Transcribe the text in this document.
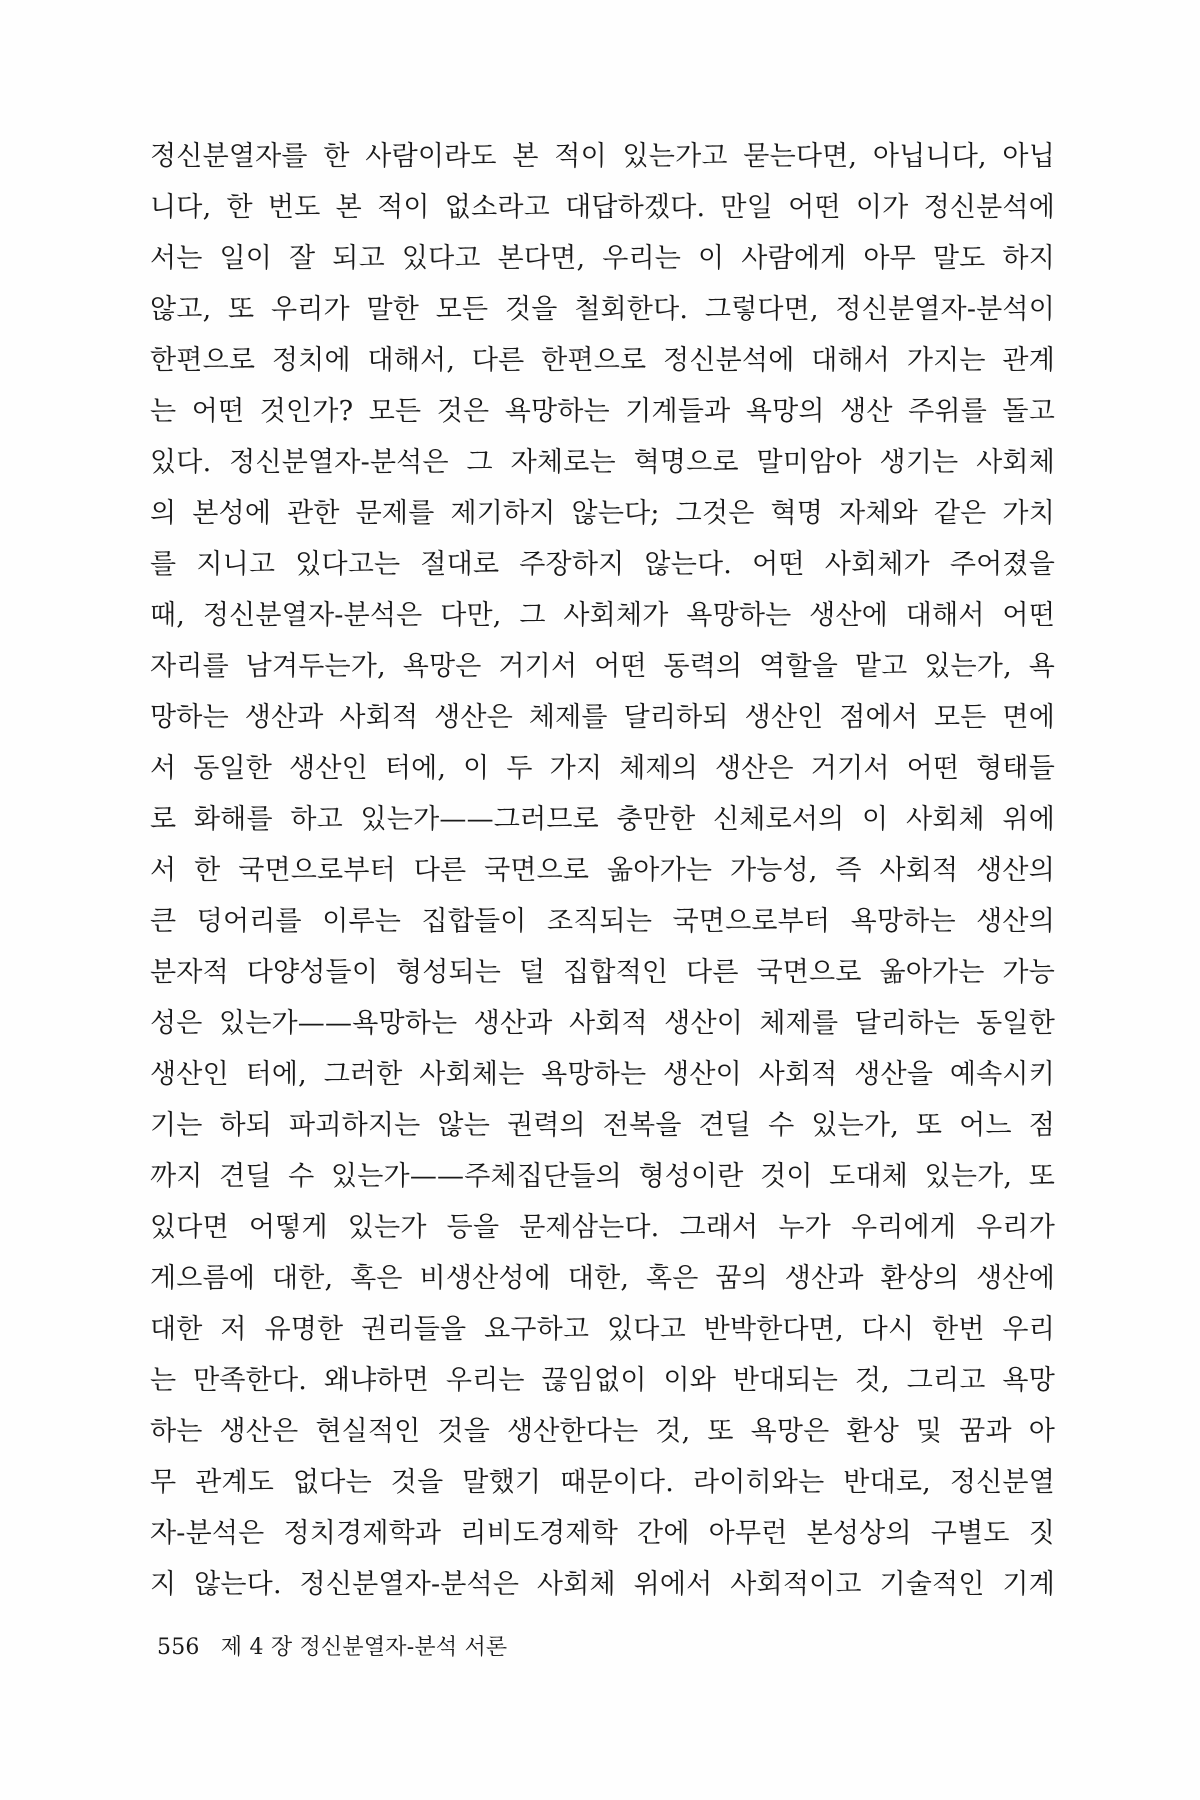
정신분열자를 한 사람이라도 본 적이 있는가고 묻는다면, 아닙니다, 아닙
니다, 한 번도 본 적이 없소라고 대답하겠다. 만일 어떤 이가 정신분석에
서는 일이 잘 되고 있다고 본다면, 우리는 이 사람에게 아무 말도 하지
않고, 또 우리가 말한 모든 것을 철회한다. 그렇다면, 정신분열자-분석이
한편으로 정치에 대해서, 다른 한편으로 정신분석에 대해서 가지는 관계
는 어떤 것인가? 모든 것은 욕망하는 기계들과 욕망의 생산 주위를 돌고
있다. 정신분열자-분석은 그 자체로는 혁명으로 말미암아 생기는 사회체
의 본성에 관한 문제를 제기하지 않는다; 그것은 혁명 자체와 같은 가치
를 지니고 있다고는 절대로 주장하지 않는다. 어떤 사회체가 주어졌을
때, 정신분열자-분석은 다만, 그 사회체가 욕망하는 생산에 대해서 어떤
자리를 남겨두는가, 욕망은 거기서 어떤 동력의 역할을 맡고 있는가, 욕
망하는 생산과 사회적 생산은 체제를 달리하되 생산인 점에서 모든 면에
서 동일한 생산인 터에, 이 두 가지 체제의 생산은 거기서 어떤 형태들
로 화해를 하고 있는가——그러므로 충만한 신체로서의 이 사회체 위에
서 한 국면으로부터 다른 국면으로 옮아가는 가능성, 즉 사회적 생산의
큰 덩어리를 이루는 집합들이 조직되는 국면으로부터 욕망하는 생산의
분자적 다양성들이 형성되는 덜 집합적인 다른 국면으로 옮아가는 가능
성은 있는가——욕망하는 생산과 사회적 생산이 체제를 달리하는 동일한
생산인 터에, 그러한 사회체는 욕망하는 생산이 사회적 생산을 예속시키
기는 하되 파괴하지는 않는 권력의 전복을 견딜 수 있는가, 또 어느 점
까지 견딜 수 있는가——주체집단들의 형성이란 것이 도대체 있는가, 또
있다면 어떻게 있는가 등을 문제삼는다. 그래서 누가 우리에게 우리가
게으름에 대한, 혹은 비생산성에 대한, 혹은 꿈의 생산과 환상의 생산에
대한 저 유명한 권리들을 요구하고 있다고 반박한다면, 다시 한번 우리
는 만족한다. 왜냐하면 우리는 끊임없이 이와 반대되는 것, 그리고 욕망
하는 생산은 현실적인 것을 생산한다는 것, 또 욕망은 환상 및 꿈과 아
무 관계도 없다는 것을 말했기 때문이다. 라이히와는 반대로, 정신분열
자-분석은 정치경제학과 리비도경제학 간에 아무런 본성상의 구별도 짓
지 않는다. 정신분열자-분석은 사회체 위에서 사회적이고 기술적인 기계
556 제 4 장 정신분열자-분석 서론
